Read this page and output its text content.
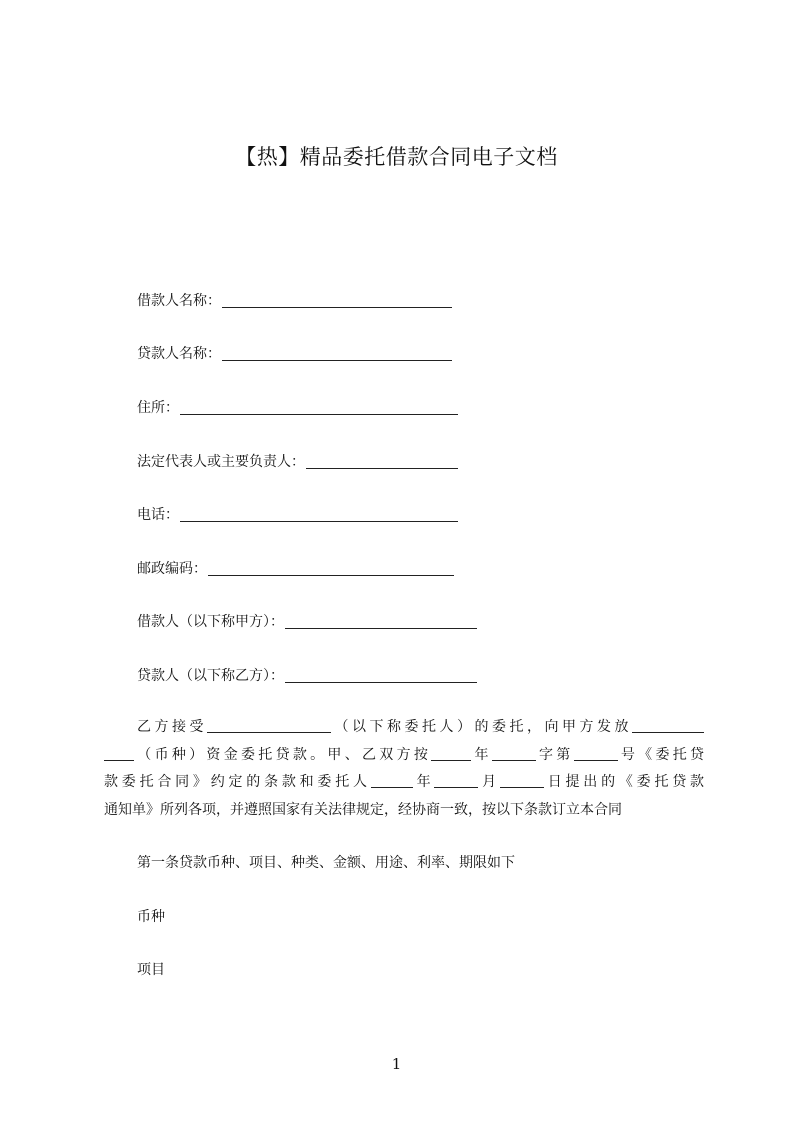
【热】精品委托借款合同电子文档
借款人名称：
贷款人名称：
住所：
法定代表人或主要负责人：
电话：
邮政编码：
借款人（以下称甲方）：
贷款人（以下称乙方）：
乙方接受	（以下称委托人）的委托，向甲方发放
（币种）资金委托贷款。甲、乙双方按	年	字第	号《委托贷
款委托合同》约定的条款和委托人	年	月	日提出的《委托贷款
通知单》所列各项，并遵照国家有关法律规定，经协商一致，按以下条款订立本合同
第一条贷款币种、项目、种类、金额、用途、利率、期限如下
币种
项目
1
